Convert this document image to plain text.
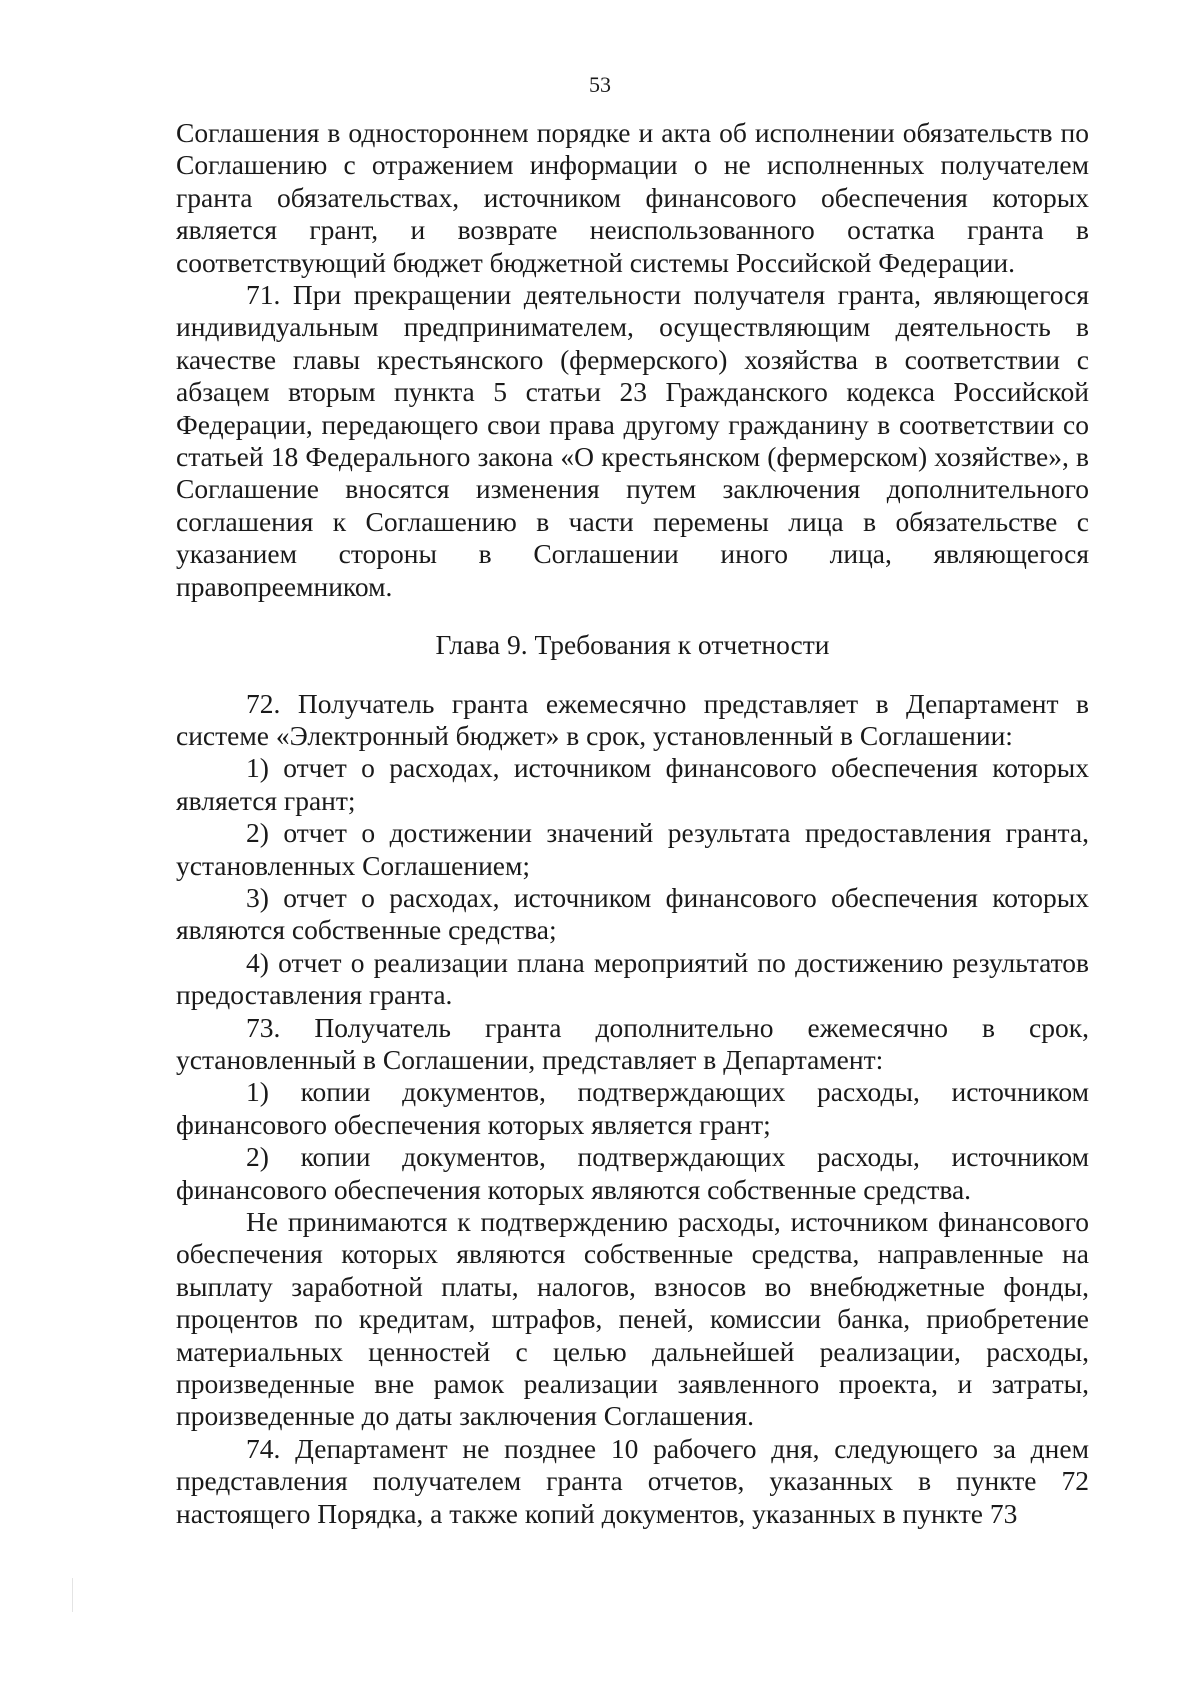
53

Соглашения в одностороннем порядке и акта об исполнении обязательств по Соглашению с отражением информации о не исполненных получателем гранта обязательствах, источником финансового обеспечения которых является грант, и возврате неиспользованного остатка гранта в соответствующий бюджет бюджетной системы Российской Федерации.

71. При прекращении деятельности получателя гранта, являющегося индивидуальным предпринимателем, осуществляющим деятельность в качестве главы крестьянского (фермерского) хозяйства в соответствии с абзацем вторым пункта 5 статьи 23 Гражданского кодекса Российской Федерации, передающего свои права другому гражданину в соответствии со статьей 18 Федерального закона «О крестьянском (фермерском) хозяйстве», в Соглашение вносятся изменения путем заключения дополнительного соглашения к Соглашению в части перемены лица в обязательстве с указанием стороны в Соглашении иного лица, являющегося правопреемником.

Глава 9. Требования к отчетности

72. Получатель гранта ежемесячно представляет в Департамент в системе «Электронный бюджет» в срок, установленный в Соглашении:

1) отчет о расходах, источником финансового обеспечения которых является грант;

2) отчет о достижении значений результата предоставления гранта, установленных Соглашением;

3) отчет о расходах, источником финансового обеспечения которых являются собственные средства;

4) отчет о реализации плана мероприятий по достижению результатов предоставления гранта.

73. Получатель гранта дополнительно ежемесячно в срок, установленный в Соглашении, представляет в Департамент:

1) копии документов, подтверждающих расходы, источником финансового обеспечения которых является грант;

2) копии документов, подтверждающих расходы, источником финансового обеспечения которых являются собственные средства.

Не принимаются к подтверждению расходы, источником финансового обеспечения которых являются собственные средства, направленные на выплату заработной платы, налогов, взносов во внебюджетные фонды, процентов по кредитам, штрафов, пеней, комиссии банка, приобретение материальных ценностей с целью дальнейшей реализации, расходы, произведенные вне рамок реализации заявленного проекта, и затраты, произведенные до даты заключения Соглашения.

74. Департамент не позднее 10 рабочего дня, следующего за днем представления получателем гранта отчетов, указанных в пункте 72 настоящего Порядка, а также копий документов, указанных в пункте 73
